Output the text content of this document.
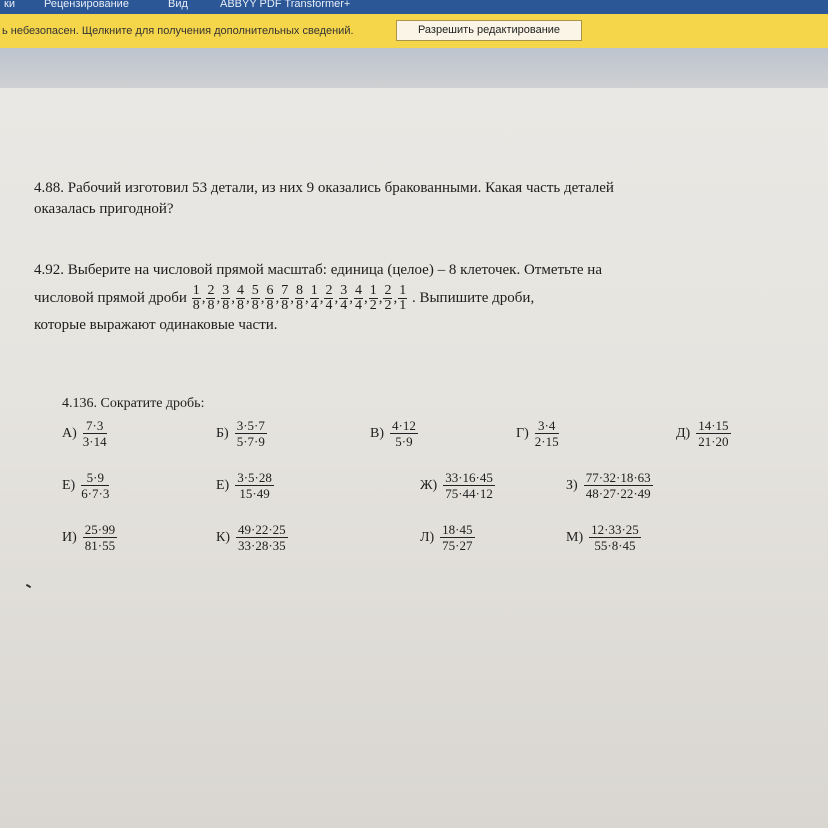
ки	Рецензирование	Вид	ABBYY PDF Transformer+
ь небезопасен. Щелкните для получения дополнительных сведений.	Разрешить редактирование
4.88. Рабочий изготовил 53 детали, из них 9 оказались бракованными. Какая часть деталей
оказалась пригодной?
4.92. Выберите на числовой прямой масштаб: единица (целое) – 8 клеточек. Отметьте на
числовой прямой дроби $\frac{1}{8}$ , $\frac{2}{8}$ , $\frac{3}{8}$ , $\frac{4}{8}$ , $\frac{5}{8}$ , $\frac{6}{8}$ , $\frac{7}{8}$ , $\frac{8}{8}$ , $\frac{1}{4}$ , $\frac{2}{4}$ , $\frac{3}{4}$ , $\frac{4}{4}$ , $\frac{1}{2}$ , $\frac{2}{2}$ , $\frac{1}{1}$ . Выпишите дроби,
которые выражают одинаковые части.
4.136. Сократите дробь:
$А) \frac{7\cdot 3}{3\cdot 14}$	$Б) \frac{3\cdot 5\cdot 7}{5\cdot 7\cdot 9}$	$В) \frac{4\cdot 12}{5\cdot 9}$	$Г) \frac{3\cdot 4}{2\cdot 15}$	$Д) \frac{14\cdot 15}{21\cdot 20}$
$Е) \frac{5\cdot 9}{6\cdot 7\cdot 3}$	$Е) \frac{3\cdot 5\cdot 28}{15\cdot 49}$	$Ж) \frac{33\cdot 16\cdot 45}{75\cdot 44\cdot 12}$	$З) \frac{77\cdot 32\cdot 18\cdot 63}{48\cdot 27\cdot 22\cdot 49}$
$И) \frac{25\cdot 99}{81\cdot 55}$	$К) \frac{49\cdot 22\cdot 25}{33\cdot 28\cdot 35}$	$Л) \frac{18\cdot 45}{75\cdot 27}$	$М) \frac{12\cdot 33\cdot 25}{55\cdot 8\cdot 45}$
